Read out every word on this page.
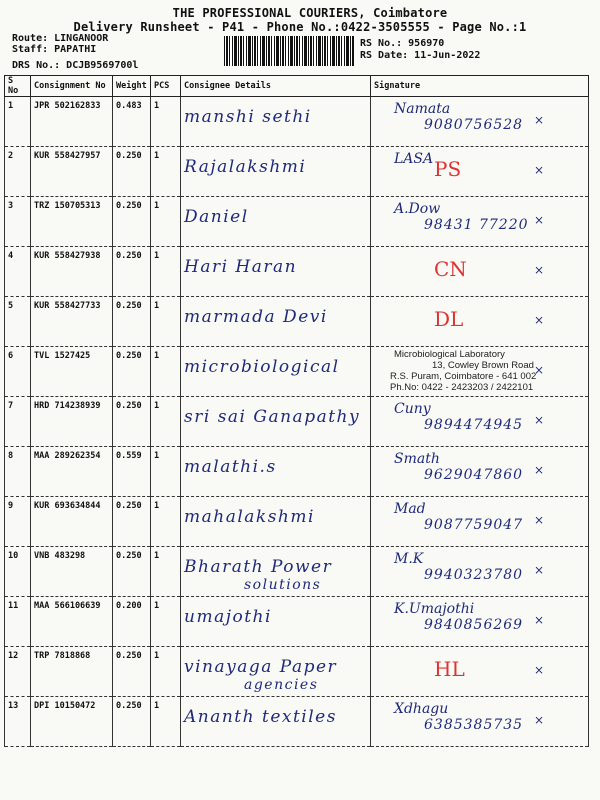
THE PROFESSIONAL COURIERS, Coimbatore
Delivery Runsheet - P41 - Phone No.:0422-3505555 - Page No.:1
Route: LINGANOOR
Staff: PAPATHI
DRS No.: DCJB9569700l
RS No.: 956970
RS Date: 11-Jun-2022
S No	Consignment No	Weight	PCS	Consignee Details	Signature
1	JPR 502162833	0.483	1	manshi sethi	×
Namata
9080756528

2	KUR 558427957	0.250	1	Rajalakshmi	×
LASA PS

3	TRZ 150705313	0.250	1	Daniel	×
A.Dow
98431 77220

4	KUR 558427938	0.250	1	Hari Haran	×
CN

5	KUR 558427733	0.250	1	marmada Devi	×
DL

6	TVL 1527425	0.250	1	microbiological	×
Microbiological Laboratory
13, Cowley Brown Road
R.S. Puram, Coimbatore - 641 002
Ph.No: 0422 - 2423203 / 2422101

7	HRD 714238939	0.250	1	sri sai Ganapathy	×
Cuny
9894474945

8	MAA 289262354	0.559	1	malathi.s	×
Smath
9629047860

9	KUR 693634844	0.250	1	mahalakshmi	×
Mad
9087759047

10	VNB 483298	0.250	1	Bharath Power
solutions	×
M.K
9940323780

11	MAA 566106639	0.200	1	umajothi	×
K.Umajothi
9840856269

12	TRP 7818868	0.250	1	vinayaga Paper
agencies	×
HL

13	DPI 10150472	0.250	1	Ananth textiles	×
Xdhagu
6385385735
